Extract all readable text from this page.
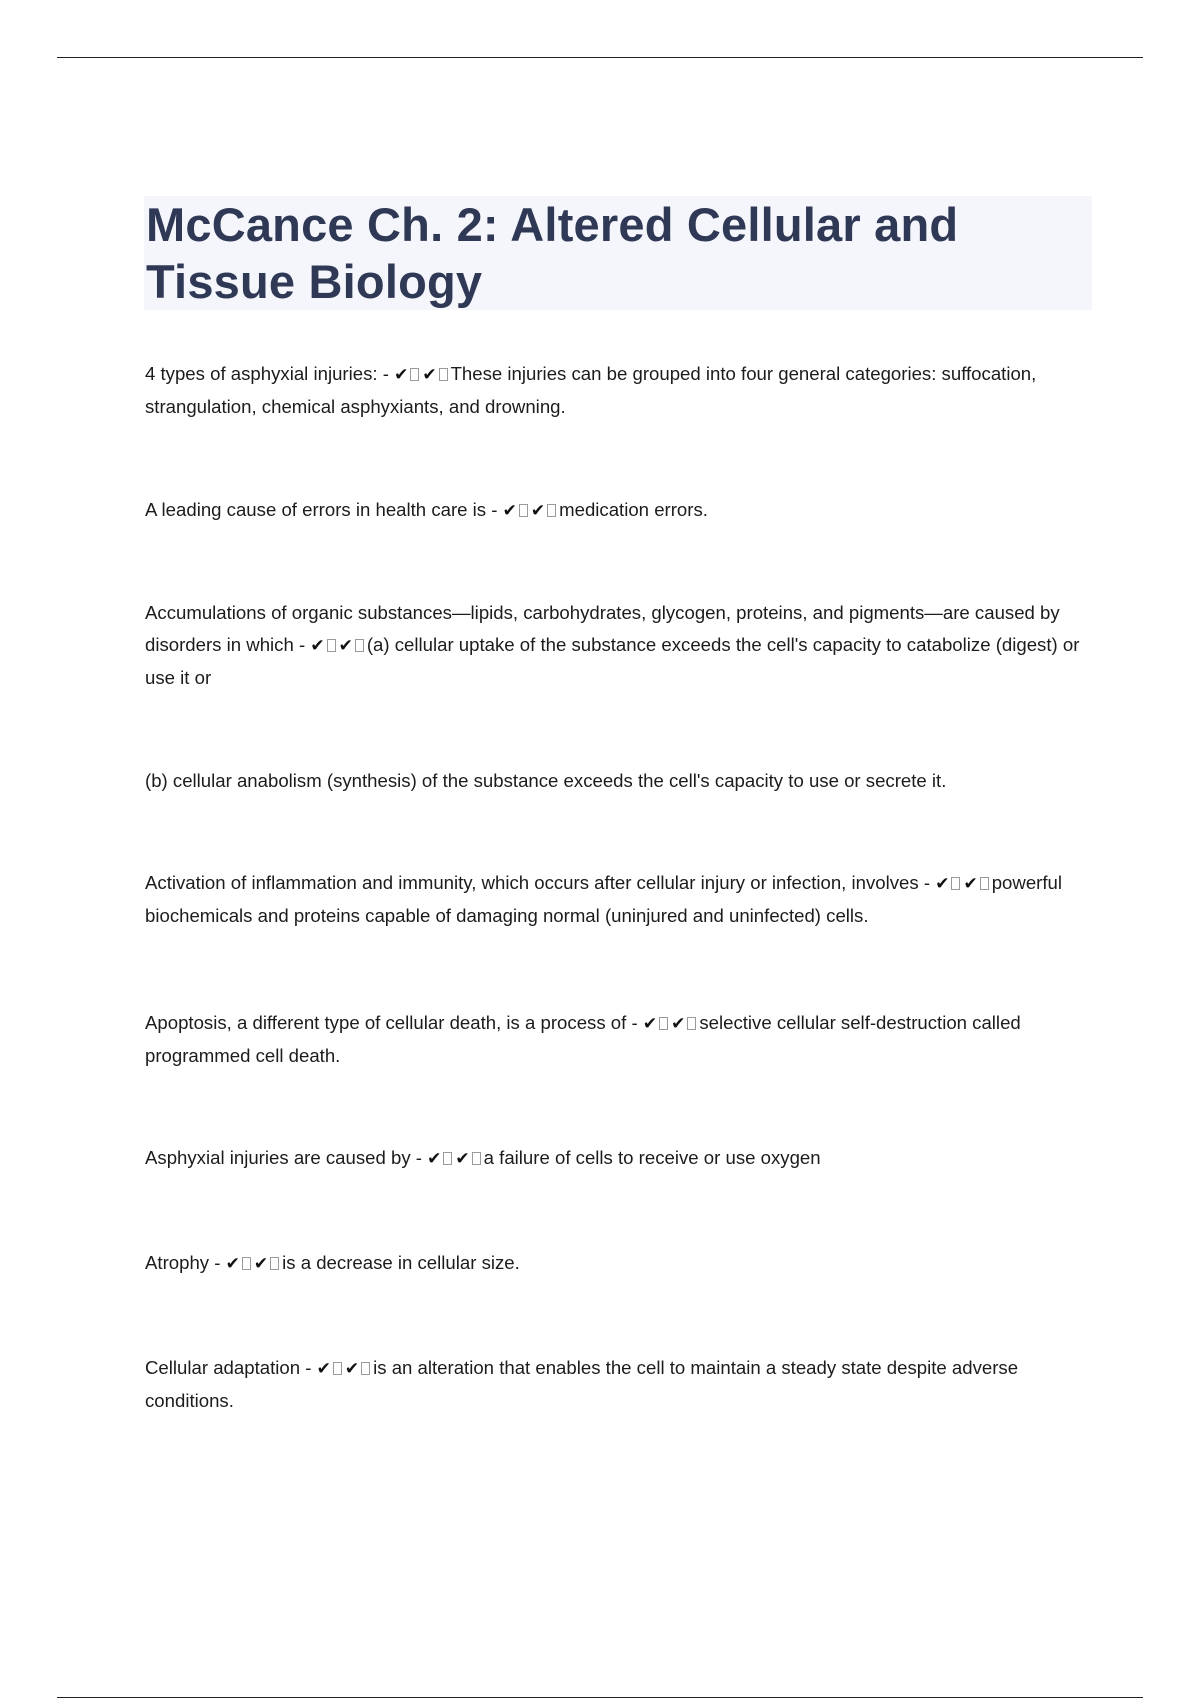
McCance Ch. 2: Altered Cellular and Tissue Biology

4 types of asphyxial injuries: - ✔ ✔ These injuries can be grouped into four general categories: suffocation, strangulation, chemical asphyxiants, and drowning.

A leading cause of errors in health care is - ✔ ✔ medication errors.

Accumulations of organic substances—lipids, carbohydrates, glycogen, proteins, and pigments—are caused by disorders in which - ✔ ✔ (a) cellular uptake of the substance exceeds the cell's capacity to catabolize (digest) or use it or

(b) cellular anabolism (synthesis) of the substance exceeds the cell's capacity to use or secrete it.

Activation of inflammation and immunity, which occurs after cellular injury or infection, involves - ✔ ✔ powerful biochemicals and proteins capable of damaging normal (uninjured and uninfected) cells.

Apoptosis, a different type of cellular death, is a process of - ✔ ✔ selective cellular self-destruction called programmed cell death.

Asphyxial injuries are caused by - ✔ ✔ a failure of cells to receive or use oxygen

Atrophy - ✔ ✔ is a decrease in cellular size.

Cellular adaptation - ✔ ✔ is an alteration that enables the cell to maintain a steady state despite adverse conditions.
